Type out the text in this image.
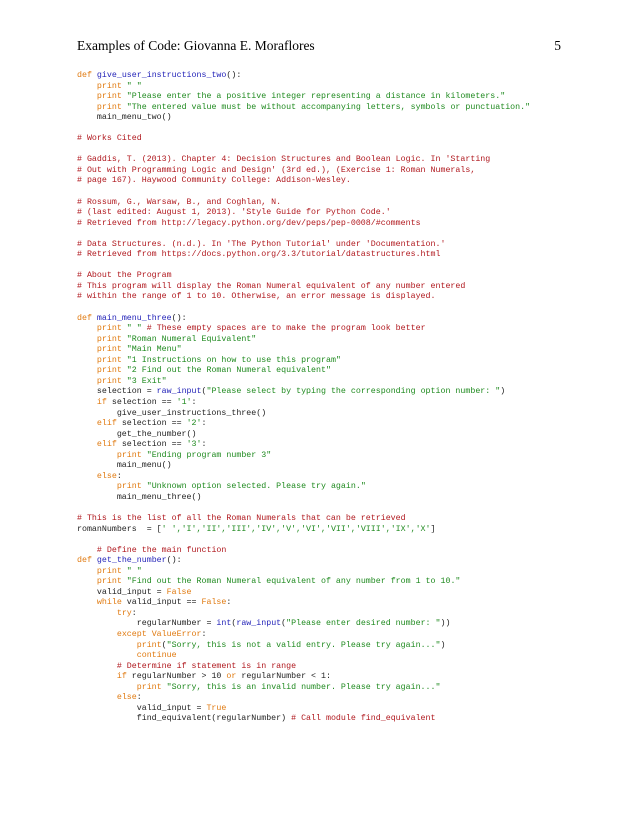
Examples of Code: Giovanna E. Moraflores	5
def give_user_instructions_two():
print " "
print "Please enter the a positive integer representing a distance in kilometers."
print "The entered value must be without accompanying letters, symbols or punctuation."
main_menu_two()

# Works Cited

# Gaddis, T. (2013). Chapter 4: Decision Structures and Boolean Logic. In 'Starting
# Out with Programming Logic and Design' (3rd ed.), (Exercise 1: Roman Numerals,
# page 167). Haywood Community College: Addison-Wesley.

# Rossum, G., Warsaw, B., and Coghlan, N.
# (last edited: August 1, 2013). 'Style Guide for Python Code.'
# Retrieved from http://legacy.python.org/dev/peps/pep-0008/#comments

# Data Structures. (n.d.). In 'The Python Tutorial' under 'Documentation.'
# Retrieved from https://docs.python.org/3.3/tutorial/datastructures.html

# About the Program
# This program will display the Roman Numeral equivalent of any number entered
# within the range of 1 to 10. Otherwise, an error message is displayed.

def main_menu_three():
print " " # These empty spaces are to make the program look better
print "Roman Numeral Equivalent"
print "Main Menu"
print "1 Instructions on how to use this program"
print "2 Find out the Roman Numeral equivalent"
print "3 Exit"
selection = raw_input("Please select by typing the corresponding option number: ")
if selection == '1':
give_user_instructions_three()
elif selection == '2':
get_the_number()
elif selection == '3':
print "Ending program number 3"
main_menu()
else:
print "Unknown option selected. Please try again."
main_menu_three()

# This is the list of all the Roman Numerals that can be retrieved
romanNumbers  = [' ','I','II','III','IV','V','VI','VII','VIII','IX','X']

# Define the main function
def get_the_number():
print " "
print "Find out the Roman Numeral equivalent of any number from 1 to 10."
valid_input = False
while valid_input == False:
try:
regularNumber = int(raw_input("Please enter desired number: "))
except ValueError:
print("Sorry, this is not a valid entry. Please try again...")
continue
# Determine if statement is in range
if regularNumber > 10 or regularNumber < 1:
print "Sorry, this is an invalid number. Please try again..."
else:
valid_input = True
find_equivalent(regularNumber) # Call module find_equivalent
